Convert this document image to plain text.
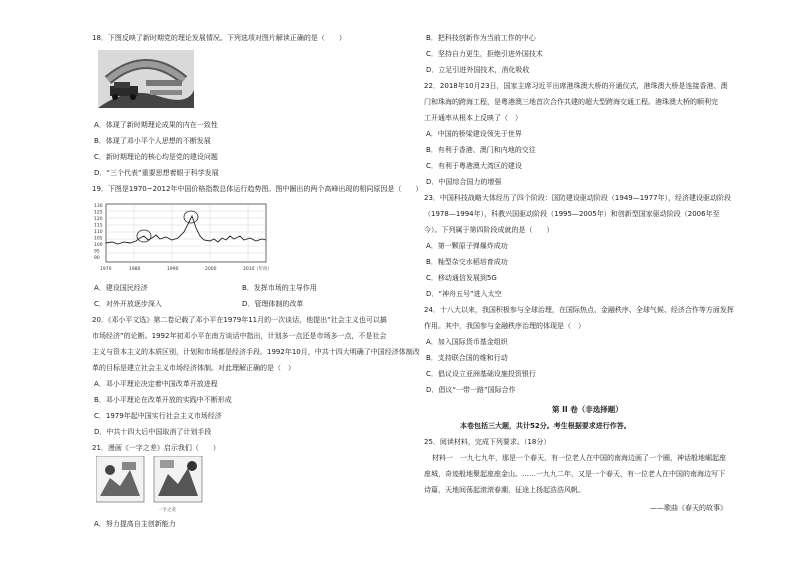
18．下图反映了新时期党的理论发展情况。下列选项对图片解读正确的是（　　）
A．体现了新时期理论成果的内在一致性
B．体现了邓小平个人思想的不断发展
C．新时期理论的核心均是党的建设问题
D．“三个代表”重要思想着眼于科学发展
19．下图是1970~2012年中国价格指数总体运行趋势图。图中圈出的两个高峰出现的相同原因是（　　）
130
125
120
115
110
105
100
95
90
1970	1980	1990	2000	2010 （年份）
A．建设国民经济	B．发挥市场的主导作用
C．对外开放逐步深入	D．管理体制的改革
20．《邓小平文选》第二卷记载了邓小平在1979年11月的一次谈话，他提出“社会主义也可以搞
市场经济”的论断。1992年初邓小平在南方谈话中指出，计划多一点还是市场多一点，不是社会
主义与资本主义的本质区别，计划和市场都是经济手段。1992年10月，中共十四大明确了中国经济体制改
革的目标是建立社会主义市场经济体制。对此理解正确的是（　）
A．邓小平理论决定着中国改革开放进程
B．邓小平理论在改革开放的实践中不断形成
C．1979年起中国实行社会主义市场经济
D．中共十四大后中国取消了计划手段
21．漫画《一字之差》启示我们（　　）
一字之差
A．努力提高自主创新能力
B．把科技创新作为当前工作的中心
C．坚持自力更生，拒绝引进外国技术
D．立足引进外国技术，消化吸收
22．2018年10月23日，国家主席习近平出席港珠澳大桥的开通仪式，港珠澳大桥是连接香港、澳
门和珠海的跨海工程，是粤港澳三地首次合作共建的超大型跨海交通工程。港珠澳大桥的顺利完
工开通率从根本上反映了（　）
A．中国的桥梁建设领先于世界
B．有利于香港、澳门和内地的交往
C．有利于粤港澳大湾区的建设
D．中国综合国力的增强
23．中国科技战略大体经历了四个阶段：国防建设驱动阶段（1949—1977年），经济建设驱动阶段
（1978—1994年），科教兴国驱动阶段（1995—2005年）和创新型国家驱动阶段（2006年至
今）。下列属于第四阶段成就的是（　　）
A．第一颗原子弹爆炸成功
B．籼型杂交水稻培育成功
C．移动通信发展到5G
D．“神舟五号”进入太空
24．十八大以来，我国积极参与全球治理，在国际热点、金融秩序、全球气候、经济合作等方面发挥
作用。其中，我国参与金融秩序治理的体现是（　）
A．加入国际货币基金组织
B．支持联合国的维和行动
C．倡议设立亚洲基础设施投资银行
D．倡议“一带一路”国际合作
第 II 卷（非选择题）
本卷包括三大题，共计52分。考生根据要求进行作答。
25．阅读材料，完成下列要求。（18分）
材料一　一九七九年，那是一个春天，有一位老人在中国的南海边画了一个圈，神话般地崛起座
座城，奇迹般地聚起座座金山。……一九九二年，又是一个春天，有一位老人在中国的南海边写下
诗篇，天地间荡起滚滚春潮，征途上扬起浩浩风帆。
——歌曲《春天的故事》
